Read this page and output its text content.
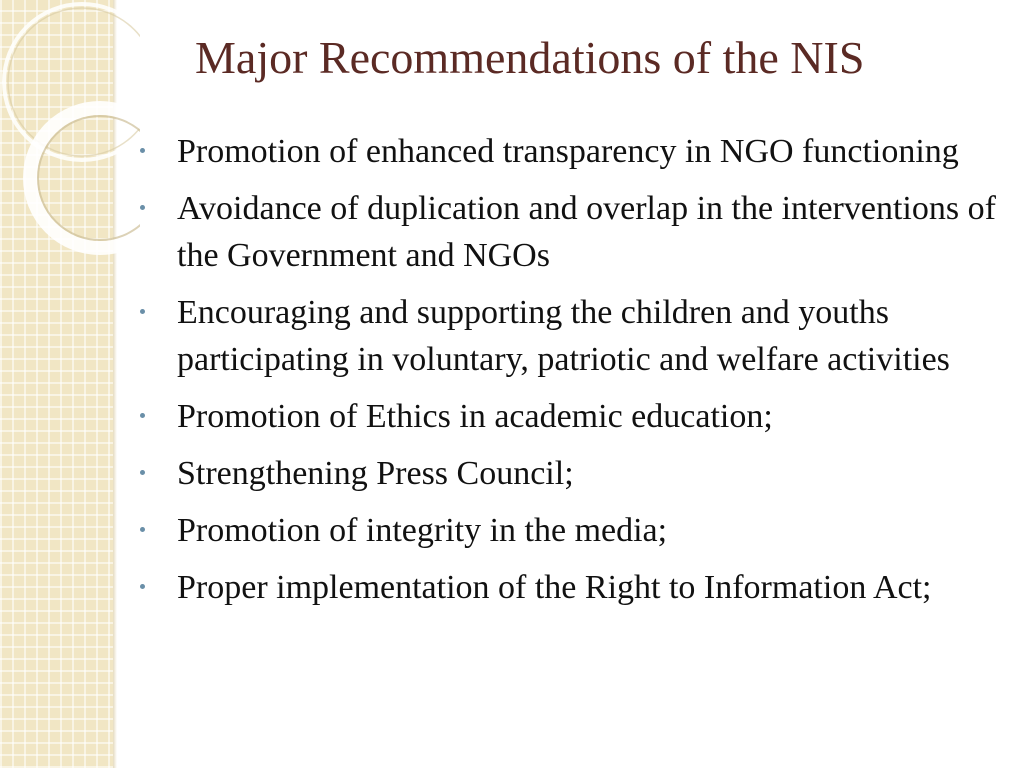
Major Recommendations of the NIS
Promotion of enhanced transparency in NGO functioning
Avoidance of duplication and overlap in the interventions of the Government and NGOs
Encouraging and supporting the children and youths participating in voluntary, patriotic and welfare activities
Promotion of Ethics in academic education;
Strengthening Press Council;
Promotion of integrity in the media;
Proper implementation of the Right to Information Act;
